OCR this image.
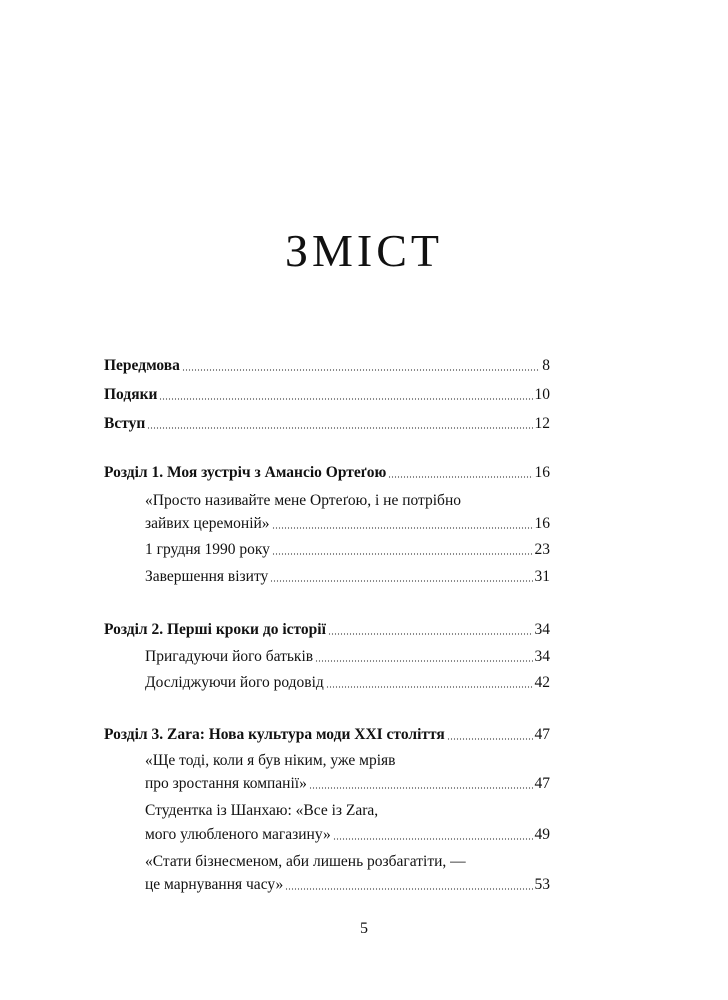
ЗМІСТ
Передмова	8
Подяки	10
Вступ	12
Розділ 1. Моя зустріч з Амансіо Ортеґою	16
«Просто називайте мене Ортеґою, і не потрібно
зайвих церемоній»	16
1 грудня 1990 року	23
Завершення візиту	31
Розділ 2. Перші кроки до історії	34
Пригадуючи його батьків	34
Досліджуючи його родовід	42
Розділ 3. Zara: Нова культура моди XXI століття	47
«Ще тоді, коли я був ніким, уже мріяв
про зростання компанії»	47
Студентка із Шанхаю: «Все із Zara,
мого улюбленого магазину»	49
«Стати бізнесменом, аби лишень розбагатіти, —
це марнування часу»	53
5
